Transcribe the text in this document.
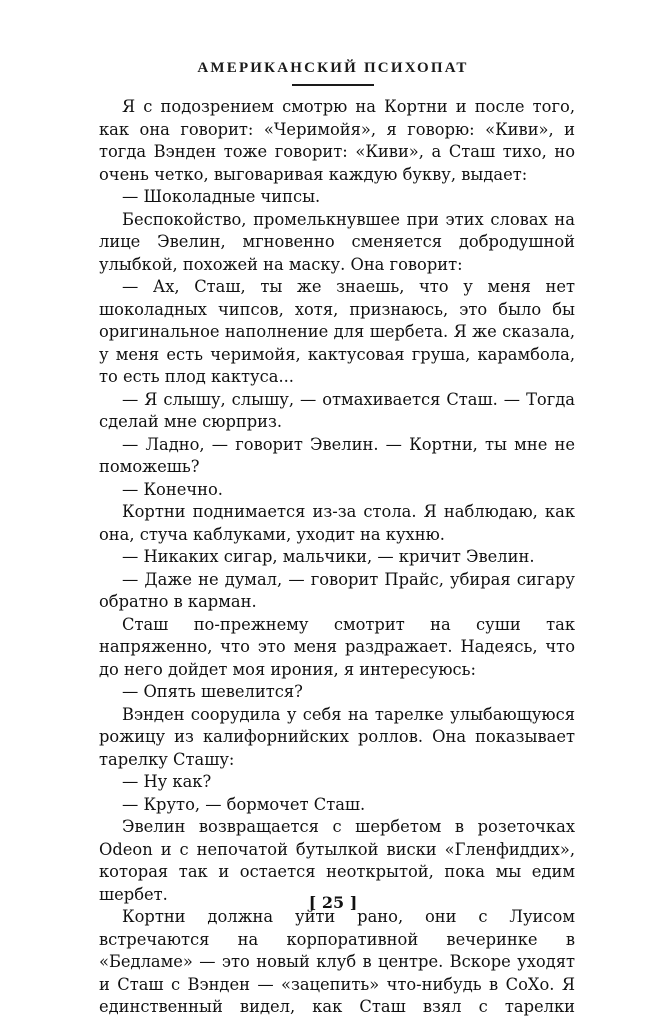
АМЕРИКАНСКИЙ ПСИХОПАТ

Я с подозрением смотрю на Кортни и после того, как она говорит: «Черимойя», я говорю: «Киви», и тогда Вэнден тоже говорит: «Киви», а Сташ тихо, но очень четко, выговаривая каждую букву, выдает:

— Шоколадные чипсы.

Беспокойство, промелькнувшее при этих словах на лице Эвелин, мгновенно сменяется добродушной улыбкой, похожей на маску. Она говорит:

— Ах, Сташ, ты же знаешь, что у меня нет шоколадных чипсов, хотя, признаюсь, это было бы оригинальное наполнение для шербета. Я же сказала, у меня есть черимойя, кактусовая груша, карамбола, то есть плод кактуса...

— Я слышу, слышу, — отмахивается Сташ. — Тогда сделай мне сюрприз.

— Ладно, — говорит Эвелин. — Кортни, ты мне не поможешь?

— Конечно.

Кортни поднимается из-за стола. Я наблюдаю, как она, стуча каблуками, уходит на кухню.

— Никаких сигар, мальчики, — кричит Эвелин.

— Даже не думал, — говорит Прайс, убирая сигару обратно в карман.

Сташ по-прежнему смотрит на суши так напряженно, что это меня раздражает. Надеясь, что до него дойдет моя ирония, я интересуюсь:

— Опять шевелится?

Вэнден соорудила у себя на тарелке улыбающуюся рожицу из калифорнийских роллов. Она показывает тарелку Сташу:

— Ну как?

— Круто, — бормочет Сташ.

Эвелин возвращается с шербетом в розеточках Odeon и с непочатой бутылкой виски «Гленфиддих», которая так и остается неоткрытой, пока мы едим шербет.

Кортни должна уйти рано, они с Луисом встречаются на корпоративной вечеринке в «Бедламе» — это новый клуб в центре. Вскоре уходят и Сташ с Вэнден — «зацепить» что-нибудь в СоХо. Я единственный видел, как Сташ взял с тарелки

[ 25 ]
